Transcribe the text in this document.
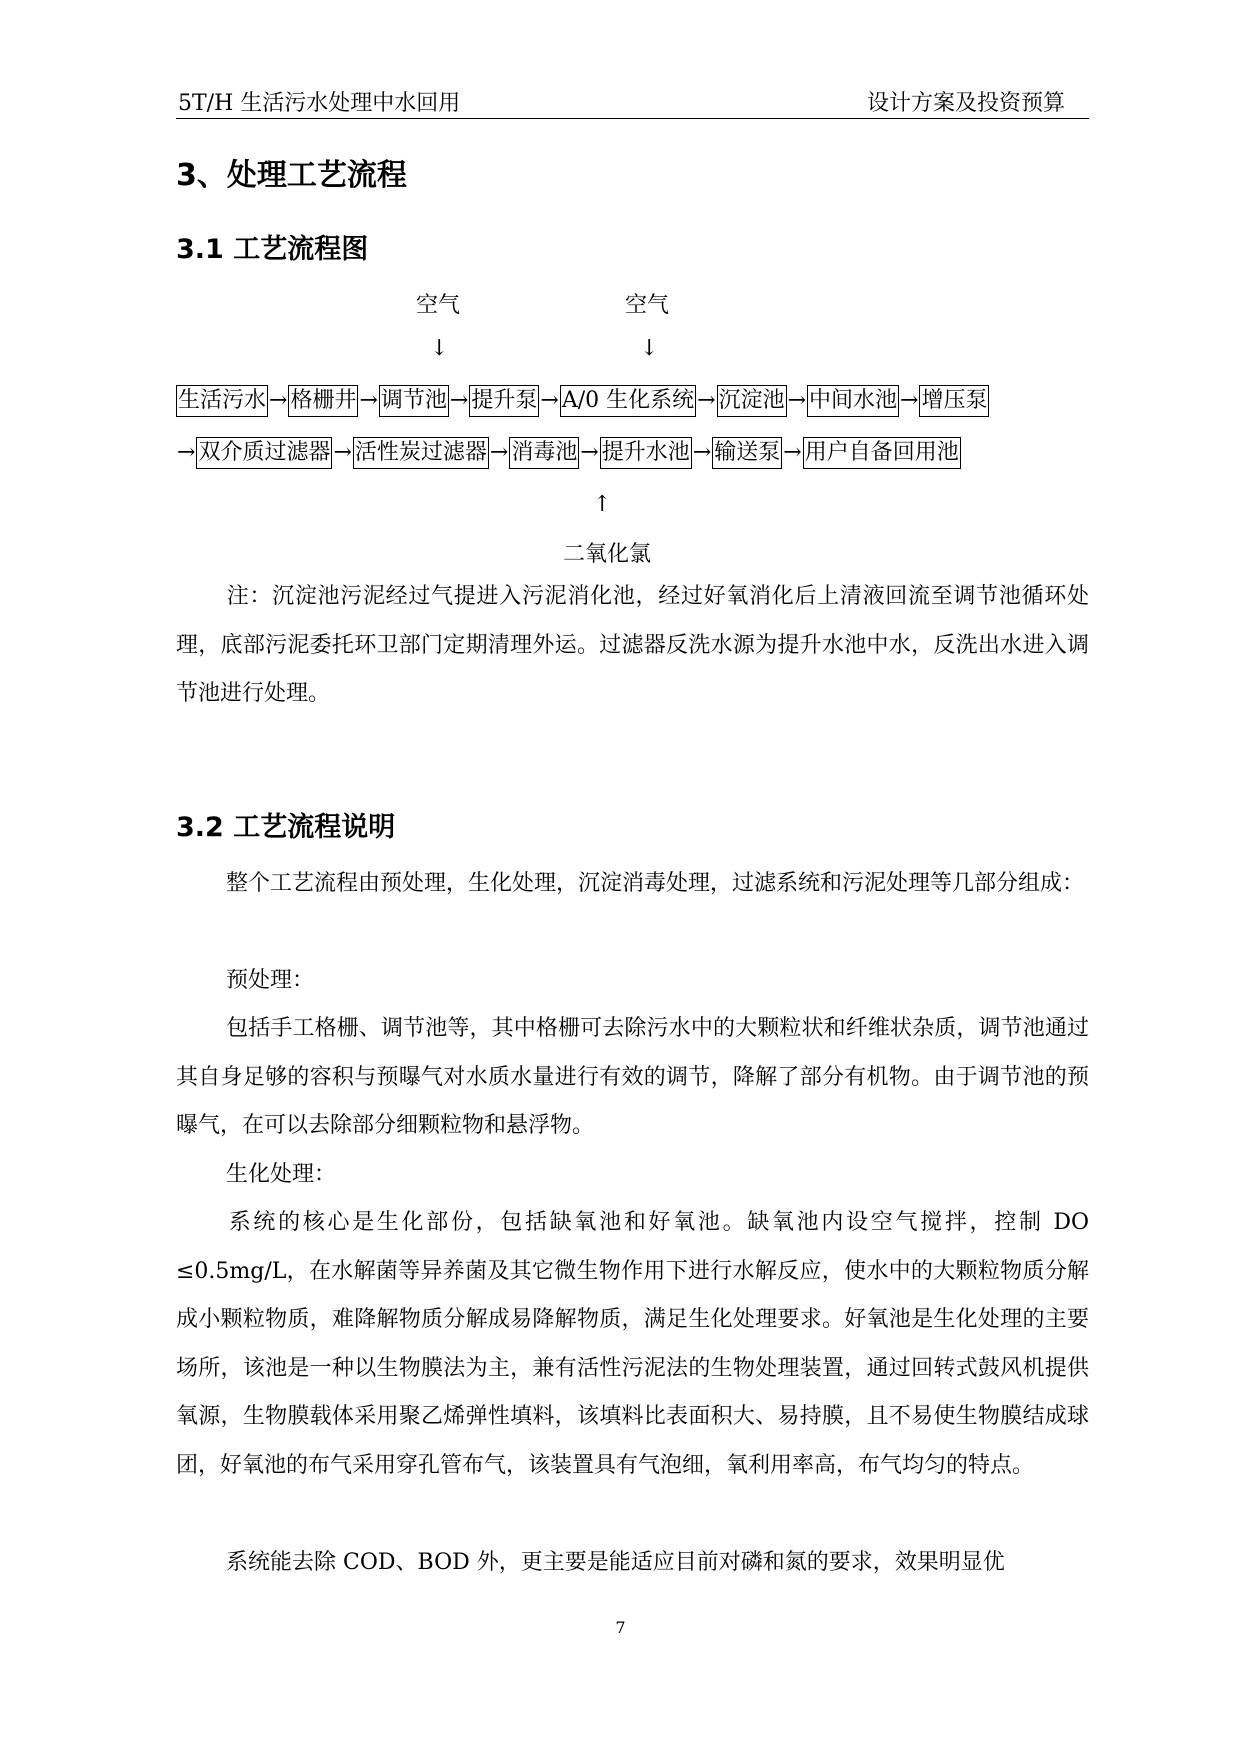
5T/H 生活污水处理中水回用	设计方案及投资预算
3、处理工艺流程
3.1 工艺流程图
空气	空气
↓	↓
生活污水 → 格栅井 → 调节池 → 提升泵 → A/0 生化系统 → 沉淀池 → 中间水池 → 增压泵
→ 双介质过滤器 → 活性炭过滤器 → 消毒池 → 提升水池 → 输送泵 → 用户自备回用池
↑
二氧化氯

注：沉淀池污泥经过气提进入污泥消化池，经过好氧消化后上清液回流至调节池循环处理，底部污泥委托环卫部门定期清理外运。过滤器反洗水源为提升水池中水，反洗出水进入调节池进行处理。

3.2 工艺流程说明

整个工艺流程由预处理，生化处理，沉淀消毒处理，过滤系统和污泥处理等几部分组成：

预处理：

包括手工格栅、调节池等，其中格栅可去除污水中的大颗粒状和纤维状杂质，调节池通过其自身足够的容积与预曝气对水质水量进行有效的调节，降解了部分有机物。由于调节池的预曝气，在可以去除部分细颗粒物和悬浮物。

生化处理：

系统的核心是生化部份，包括缺氧池和好氧池。缺氧池内设空气搅拌，控制 DO ≤0.5mg/L，在水解菌等异养菌及其它微生物作用下进行水解反应，使水中的大颗粒物质分解成小颗粒物质，难降解物质分解成易降解物质，满足生化处理要求。好氧池是生化处理的主要场所，该池是一种以生物膜法为主，兼有活性污泥法的生物处理装置，通过回转式鼓风机提供氧源，生物膜载体采用聚乙烯弹性填料，该填料比表面积大、易持膜，且不易使生物膜结成球团，好氧池的布气采用穿孔管布气，该装置具有气泡细，氧利用率高，布气均匀的特点。

系统能去除 COD、BOD 外，更主要是能适应目前对磷和氮的要求，效果明显优

7
